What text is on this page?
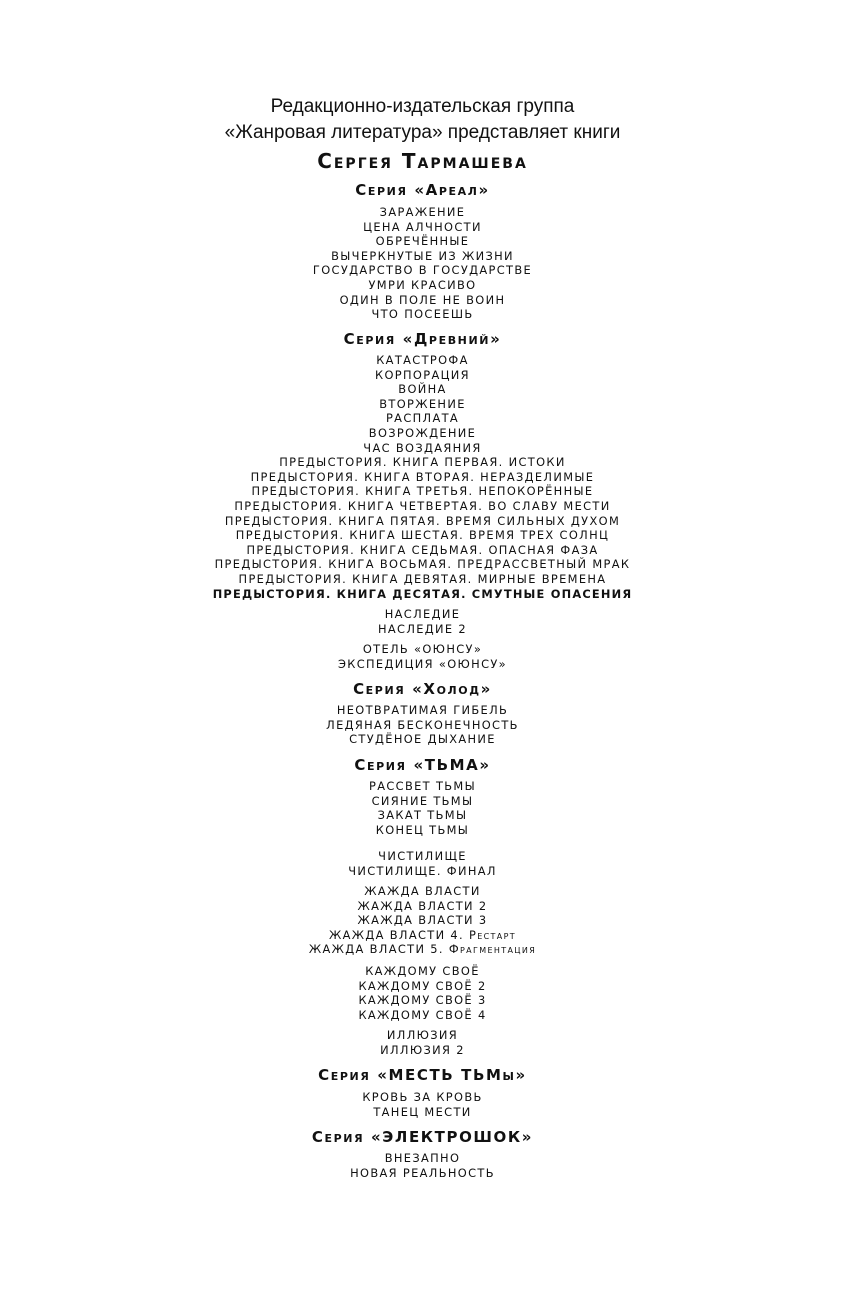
Редакционно-издательская группа
«Жанровая литература» представляет книги
Сергея Тармашева
Серия «Ареал»
ЗАРАЖЕНИЕ
ЦЕНА АЛЧНОСТИ
ОБРЕЧЁННЫЕ
ВЫЧЕРКНУТЫЕ ИЗ ЖИЗНИ
ГОСУДАРСТВО В ГОСУДАРСТВЕ
УМРИ КРАСИВО
ОДИН В ПОЛЕ НЕ ВОИН
ЧТО ПОСЕЕШЬ
Серия «Древний»
КАТАСТРОФА
КОРПОРАЦИЯ
ВОЙНА
ВТОРЖЕНИЕ
РАСПЛАТА
ВОЗРОЖДЕНИЕ
ЧАС ВОЗДАЯНИЯ
ПРЕДЫСТОРИЯ. КНИГА ПЕРВАЯ. ИСТОКИ
ПРЕДЫСТОРИЯ. КНИГА ВТОРАЯ. НЕРАЗДЕЛИМЫЕ
ПРЕДЫСТОРИЯ. КНИГА ТРЕТЬЯ. НЕПОКОРЁННЫЕ
ПРЕДЫСТОРИЯ. КНИГА ЧЕТВЕРТАЯ. ВО СЛАВУ МЕСТИ
ПРЕДЫСТОРИЯ. КНИГА ПЯТАЯ. ВРЕМЯ СИЛЬНЫХ ДУХОМ
ПРЕДЫСТОРИЯ. КНИГА ШЕСТАЯ. ВРЕМЯ ТРЕХ СОЛНЦ
ПРЕДЫСТОРИЯ. КНИГА СЕДЬМАЯ. ОПАСНАЯ ФАЗА
ПРЕДЫСТОРИЯ. КНИГА ВОСЬМАЯ. ПРЕДРАССВЕТНЫЙ МРАК
ПРЕДЫСТОРИЯ. КНИГА ДЕВЯТАЯ. МИРНЫЕ ВРЕМЕНА
ПРЕДЫСТОРИЯ. КНИГА ДЕСЯТАЯ. СМУТНЫЕ ОПАСЕНИЯ
НАСЛЕДИЕ
НАСЛЕДИЕ 2
ОТЕЛЬ «ОЮНСУ»
ЭКСПЕДИЦИЯ «ОЮНСУ»
Серия «Холод»
НЕОТВРАТИМАЯ ГИБЕЛЬ
ЛЕДЯНАЯ БЕСКОНЕЧНОСТЬ
СТУДЁНОЕ ДЫХАНИЕ
Серия «ТЬМА»
РАССВЕТ ТЬМЫ
СИЯНИЕ ТЬМЫ
ЗАКАТ ТЬМЫ
КОНЕЦ ТЬМЫ
ЧИСТИЛИЩЕ
ЧИСТИЛИЩЕ. ФИНАЛ
ЖАЖДА ВЛАСТИ
ЖАЖДА ВЛАСТИ 2
ЖАЖДА ВЛАСТИ 3
ЖАЖДА ВЛАСТИ 4. Рестарт
ЖАЖДА ВЛАСТИ 5. Фрагментация
КАЖДОМУ СВОЁ
КАЖДОМУ СВОЁ 2
КАЖДОМУ СВОЁ 3
КАЖДОМУ СВОЁ 4
ИЛЛЮЗИЯ
ИЛЛЮЗИЯ 2
Серия «МЕСТЬ ТЬМы»
КРОВЬ ЗА КРОВЬ
ТАНЕЦ МЕСТИ
Серия «ЭЛЕКТРОШОК»
ВНЕЗАПНО
НОВАЯ РЕАЛЬНОСТЬ
